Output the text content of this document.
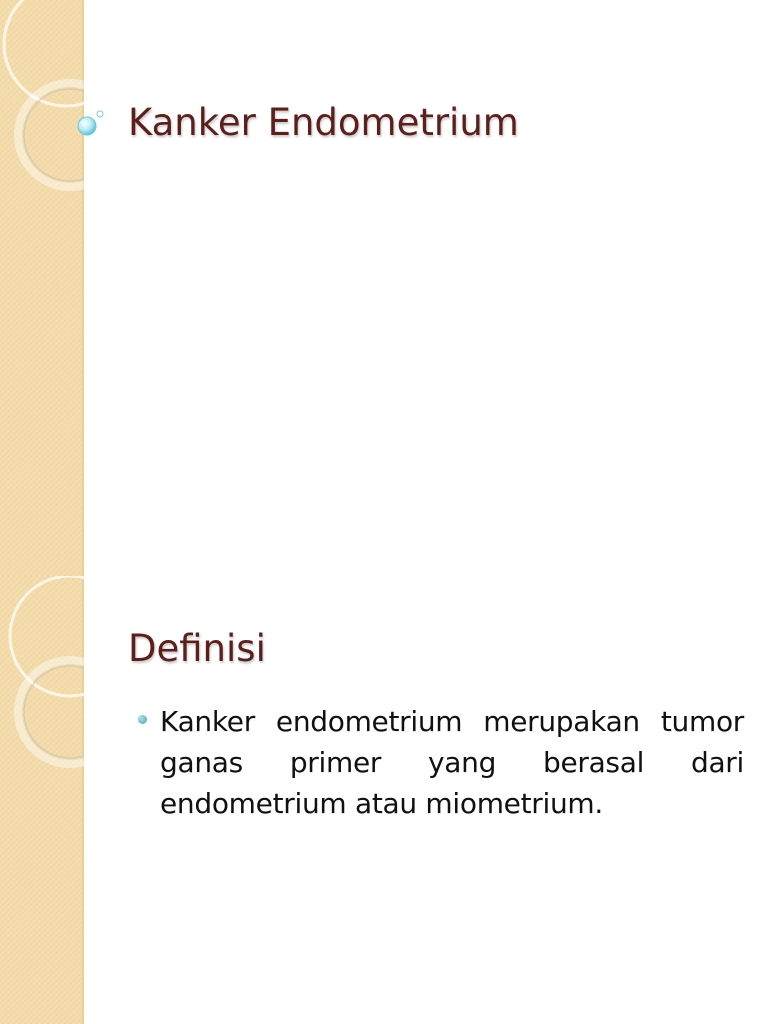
Kanker Endometrium
Definisi
Kanker endometrium merupakan tumor ganas primer yang berasal dari endometrium atau miometrium.
